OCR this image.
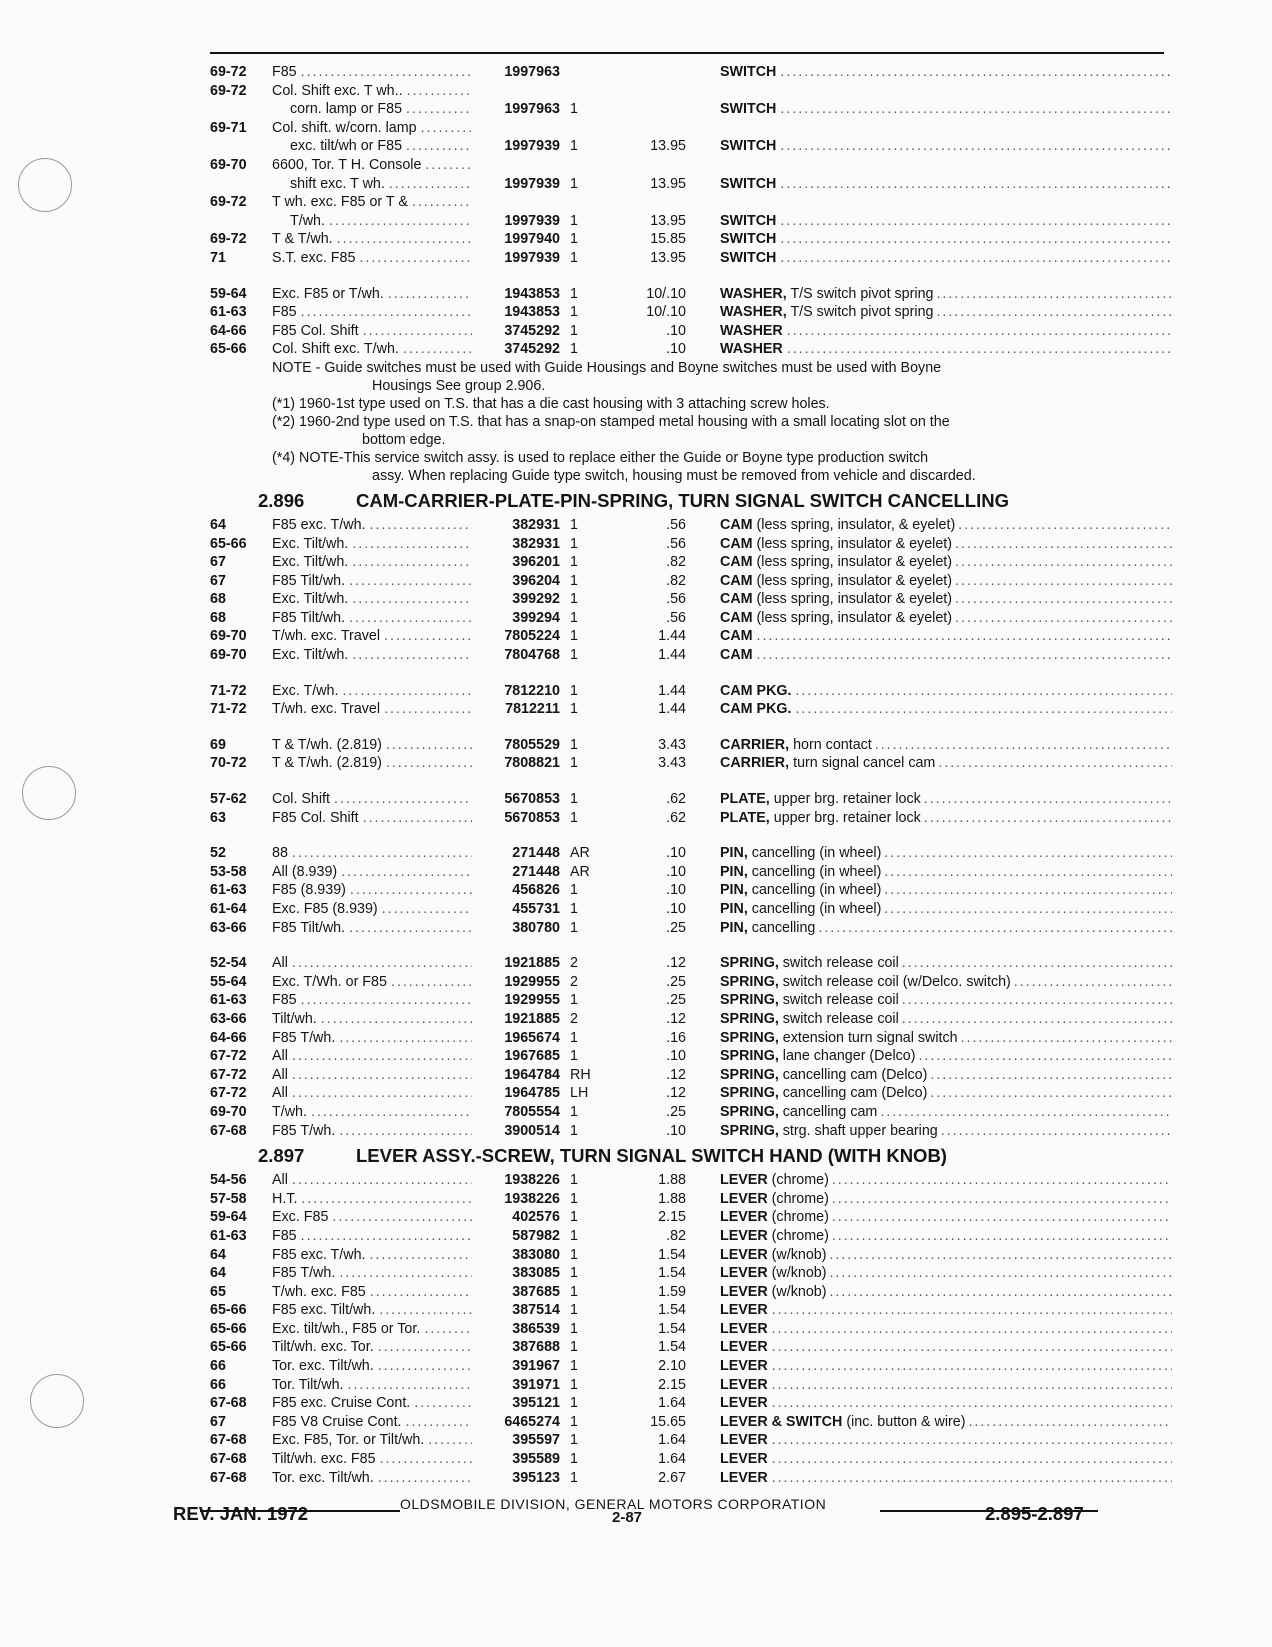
69-72	F85 . . .	1997963	SWITCH . . .
69-72	Col. Shift exc. T wh.. . . .
corn. lamp or F85 . . .	1997963 1	SWITCH . . .
69-71	Col. shift. w/corn. lamp . . .
exc. tilt/wh or F85 . . .	1997939 1	13.95 SWITCH . . .
69-70	6600, Tor. T H. Console . . .
shift exc. T wh. . . .	1997939 1	13.95 SWITCH . . .
69-72	T wh. exc. F85 or T & . . .
T/wh. . . .	1997939 1	13.95 SWITCH . . .
69-72	T & T/wh. . . .	1997940 1	15.85 SWITCH . . .
71	S.T. exc. F85 . . .	1997939 1	13.95 SWITCH . . .
59-64	Exc. F85 or T/wh. . . .	1943853 1	10/.10 WASHER, T/S switch pivot spring . . .
61-63	F85 . . .	1943853 1	10/.10 WASHER, T/S switch pivot spring . . .
64-66	F85 Col. Shift . . .	3745292 1	.10 WASHER . . .
65-66	Col. Shift exc. T/wh. . . .	3745292 1	.10 WASHER . . .
NOTE - Guide switches must be used with Guide Housings and Boyne switches must be used with Boyne
Housings See group 2.906.
(*1) 1960-1st type used on T.S. that has a die cast housing with 3 attaching screw holes.
(*2) 1960-2nd type used on T.S. that has a snap-on stamped metal housing with a small locating slot on the
bottom edge.
(*4) NOTE-This service switch assy. is used to replace either the Guide or Boyne type production switch
assy. When replacing Guide type switch, housing must be removed from vehicle and discarded.
2.896	CAM-CARRIER-PLATE-PIN-SPRING, TURN SIGNAL SWITCH CANCELLING
64	F85 exc. T/wh. . . .	382931 1	.56 CAM (less spring, insulator, & eyelet) . . .
65-66	Exc. Tilt/wh. . . .	382931 1	.56 CAM (less spring, insulator & eyelet) . . .
67	Exc. Tilt/wh. . . .	396201 1	.82 CAM (less spring, insulator & eyelet) . . .
67	F85 Tilt/wh. . . .	396204 1	.82 CAM (less spring, insulator & eyelet) . . .
68	Exc. Tilt/wh. . . .	399292 1	.56 CAM (less spring, insulator & eyelet) . . .
68	F85 Tilt/wh. . . .	399294 1	.56 CAM (less spring, insulator & eyelet) . . .
69-70	T/wh. exc. Travel . . .	7805224 1	1.44 CAM . . .
69-70	Exc. Tilt/wh. . . .	7804768 1	1.44 CAM . . .
71-72	Exc. T/wh. . . .	7812210 1	1.44 CAM PKG. . . .
71-72	T/wh. exc. Travel . . .	7812211 1	1.44 CAM PKG. . . .
69	T & T/wh. (2.819) . . .	7805529 1	3.43 CARRIER, horn contact . . .
70-72	T & T/wh. (2.819) . . .	7808821 1	3.43 CARRIER, turn signal cancel cam . . .
57-62	Col. Shift . . .	5670853 1	.62 PLATE, upper brg. retainer lock . . .
63	F85 Col. Shift . . .	5670853 1	.62 PLATE, upper brg. retainer lock . . .
52	88 . . .	271448 AR	.10 PIN, cancelling (in wheel) . . .
53-58	All (8.939) . . .	271448 AR	.10 PIN, cancelling (in wheel) . . .
61-63	F85 (8.939) . . .	456826 1	.10 PIN, cancelling (in wheel) . . .
61-64	Exc. F85 (8.939) . . .	455731 1	.10 PIN, cancelling (in wheel) . . .
63-66	F85 Tilt/wh. . . .	380780 1	.25 PIN, cancelling . . .
52-54	All . . .	1921885 2	.12 SPRING, switch release coil . . .
55-64	Exc. T/Wh. or F85 . . .	1929955 2	.25 SPRING, switch release coil (w/Delco. switch) . . .
61-63	F85 . . .	1929955 1	.25 SPRING, switch release coil . . .
63-66	Tilt/wh. . . .	1921885 2	.12 SPRING, switch release coil . . .
64-66	F85 T/wh. . . .	1965674 1	.16 SPRING, extension turn signal switch . . .
67-72	All . . .	1967685 1	.10 SPRING, lane changer (Delco) . . .
67-72	All . . .	1964784 RH	.12 SPRING, cancelling cam (Delco) . . .
67-72	All . . .	1964785 LH	.12 SPRING, cancelling cam (Delco) . . .
69-70	T/wh. . . .	7805554 1	.25 SPRING, cancelling cam . . .
67-68	F85 T/wh. . . .	3900514 1	.10 SPRING, strg. shaft upper bearing . . .
2.897	LEVER ASSY.-SCREW, TURN SIGNAL SWITCH HAND (WITH KNOB)
54-56	All . . .	1938226 1	1.88 LEVER (chrome) . . .
57-58	H.T. . . .	1938226 1	1.88 LEVER (chrome) . . .
59-64	Exc. F85 . . .	402576 1	2.15 LEVER (chrome) . . .
61-63	F85 . . .	587982 1	.82 LEVER (chrome) . . .
64	F85 exc. T/wh. . . .	383080 1	1.54 LEVER (w/knob) . . .
64	F85 T/wh. . . .	383085 1	1.54 LEVER (w/knob) . . .
65	T/wh. exc. F85 . . .	387685 1	1.59 LEVER (w/knob) . . .
65-66	F85 exc. Tilt/wh. . . .	387514 1	1.54 LEVER . . .
65-66	Exc. tilt/wh., F85 or Tor. . . .	386539 1	1.54 LEVER . . .
65-66	Tilt/wh. exc. Tor. . . .	387688 1	1.54 LEVER . . .
66	Tor. exc. Tilt/wh. . . .	391967 1	2.10 LEVER . . .
66	Tor. Tilt/wh. . . .	391971 1	2.15 LEVER . . .
67-68	F85 exc. Cruise Cont. . . .	395121 1	1.64 LEVER . . .
67	F85 V8 Cruise Cont. . . .	6465274 1	15.65 LEVER & SWITCH (inc. button & wire) . . .
67-68	Exc. F85, Tor. or Tilt/wh. . . .	395597 1	1.64 LEVER . . .
67-68	Tilt/wh. exc. F85 . . .	395589 1	1.64 LEVER . . .
67-68	Tor. exc. Tilt/wh. . . .	395123 1	2.67 LEVER . . .
OLDSMOBILE DIVISION, GENERAL MOTORS CORPORATION
REV. JAN. 1972	2-87	2.895-2.897
